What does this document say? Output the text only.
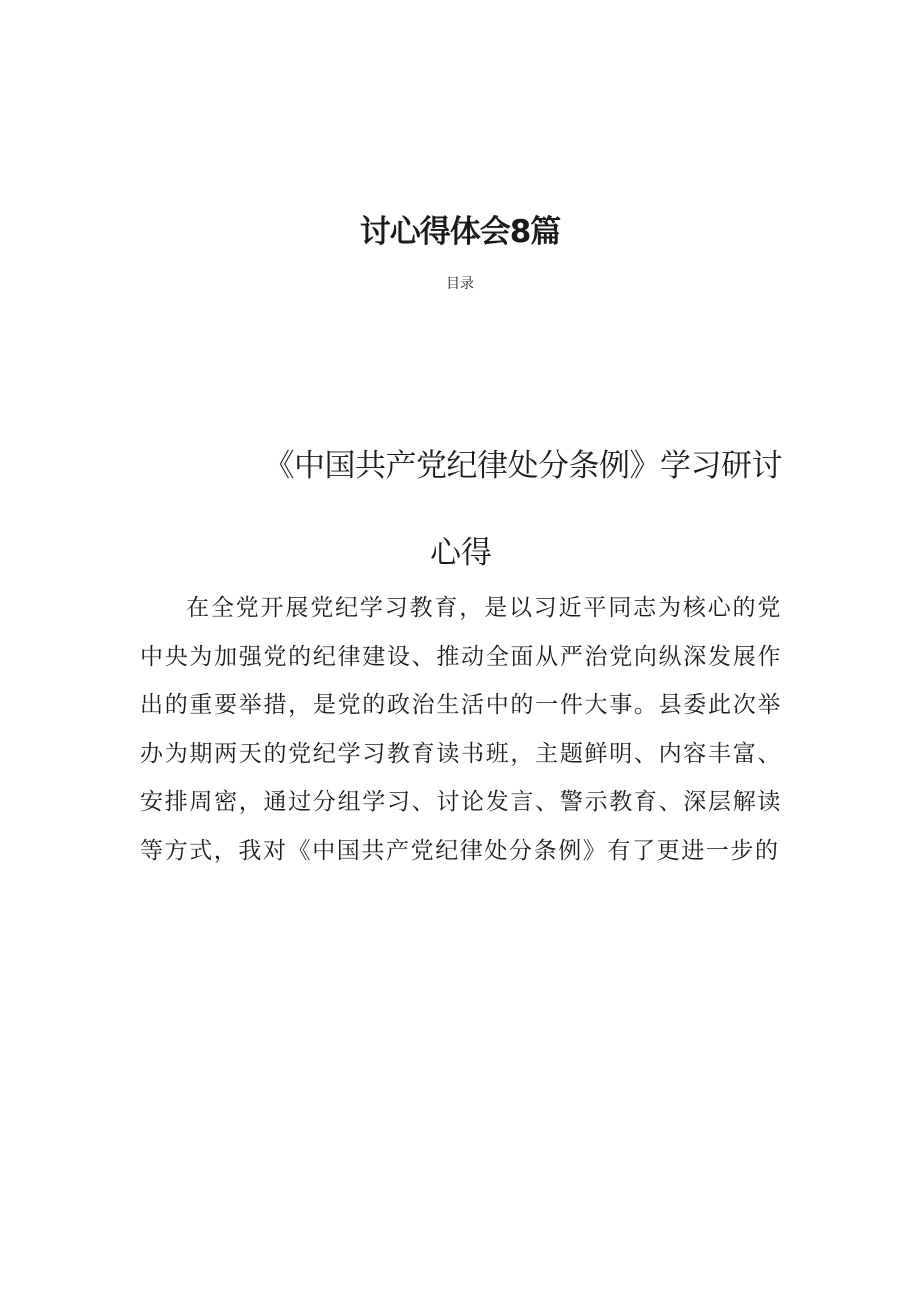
讨心得体会8篇
目录
《中国共产党纪律处分条例》学习研讨
心得

在全党开展党纪学习教育，是以习近平同志为核心的党中央为加强党的纪律建设、推动全面从严治党向纵深发展作出的重要举措，是党的政治生活中的一件大事。县委此次举办为期两天的党纪学习教育读书班，主题鲜明、内容丰富、安排周密，通过分组学习、讨论发言、警示教育、深层解读等方式，我对《中国共产党纪律处分条例》有了更进一步的
